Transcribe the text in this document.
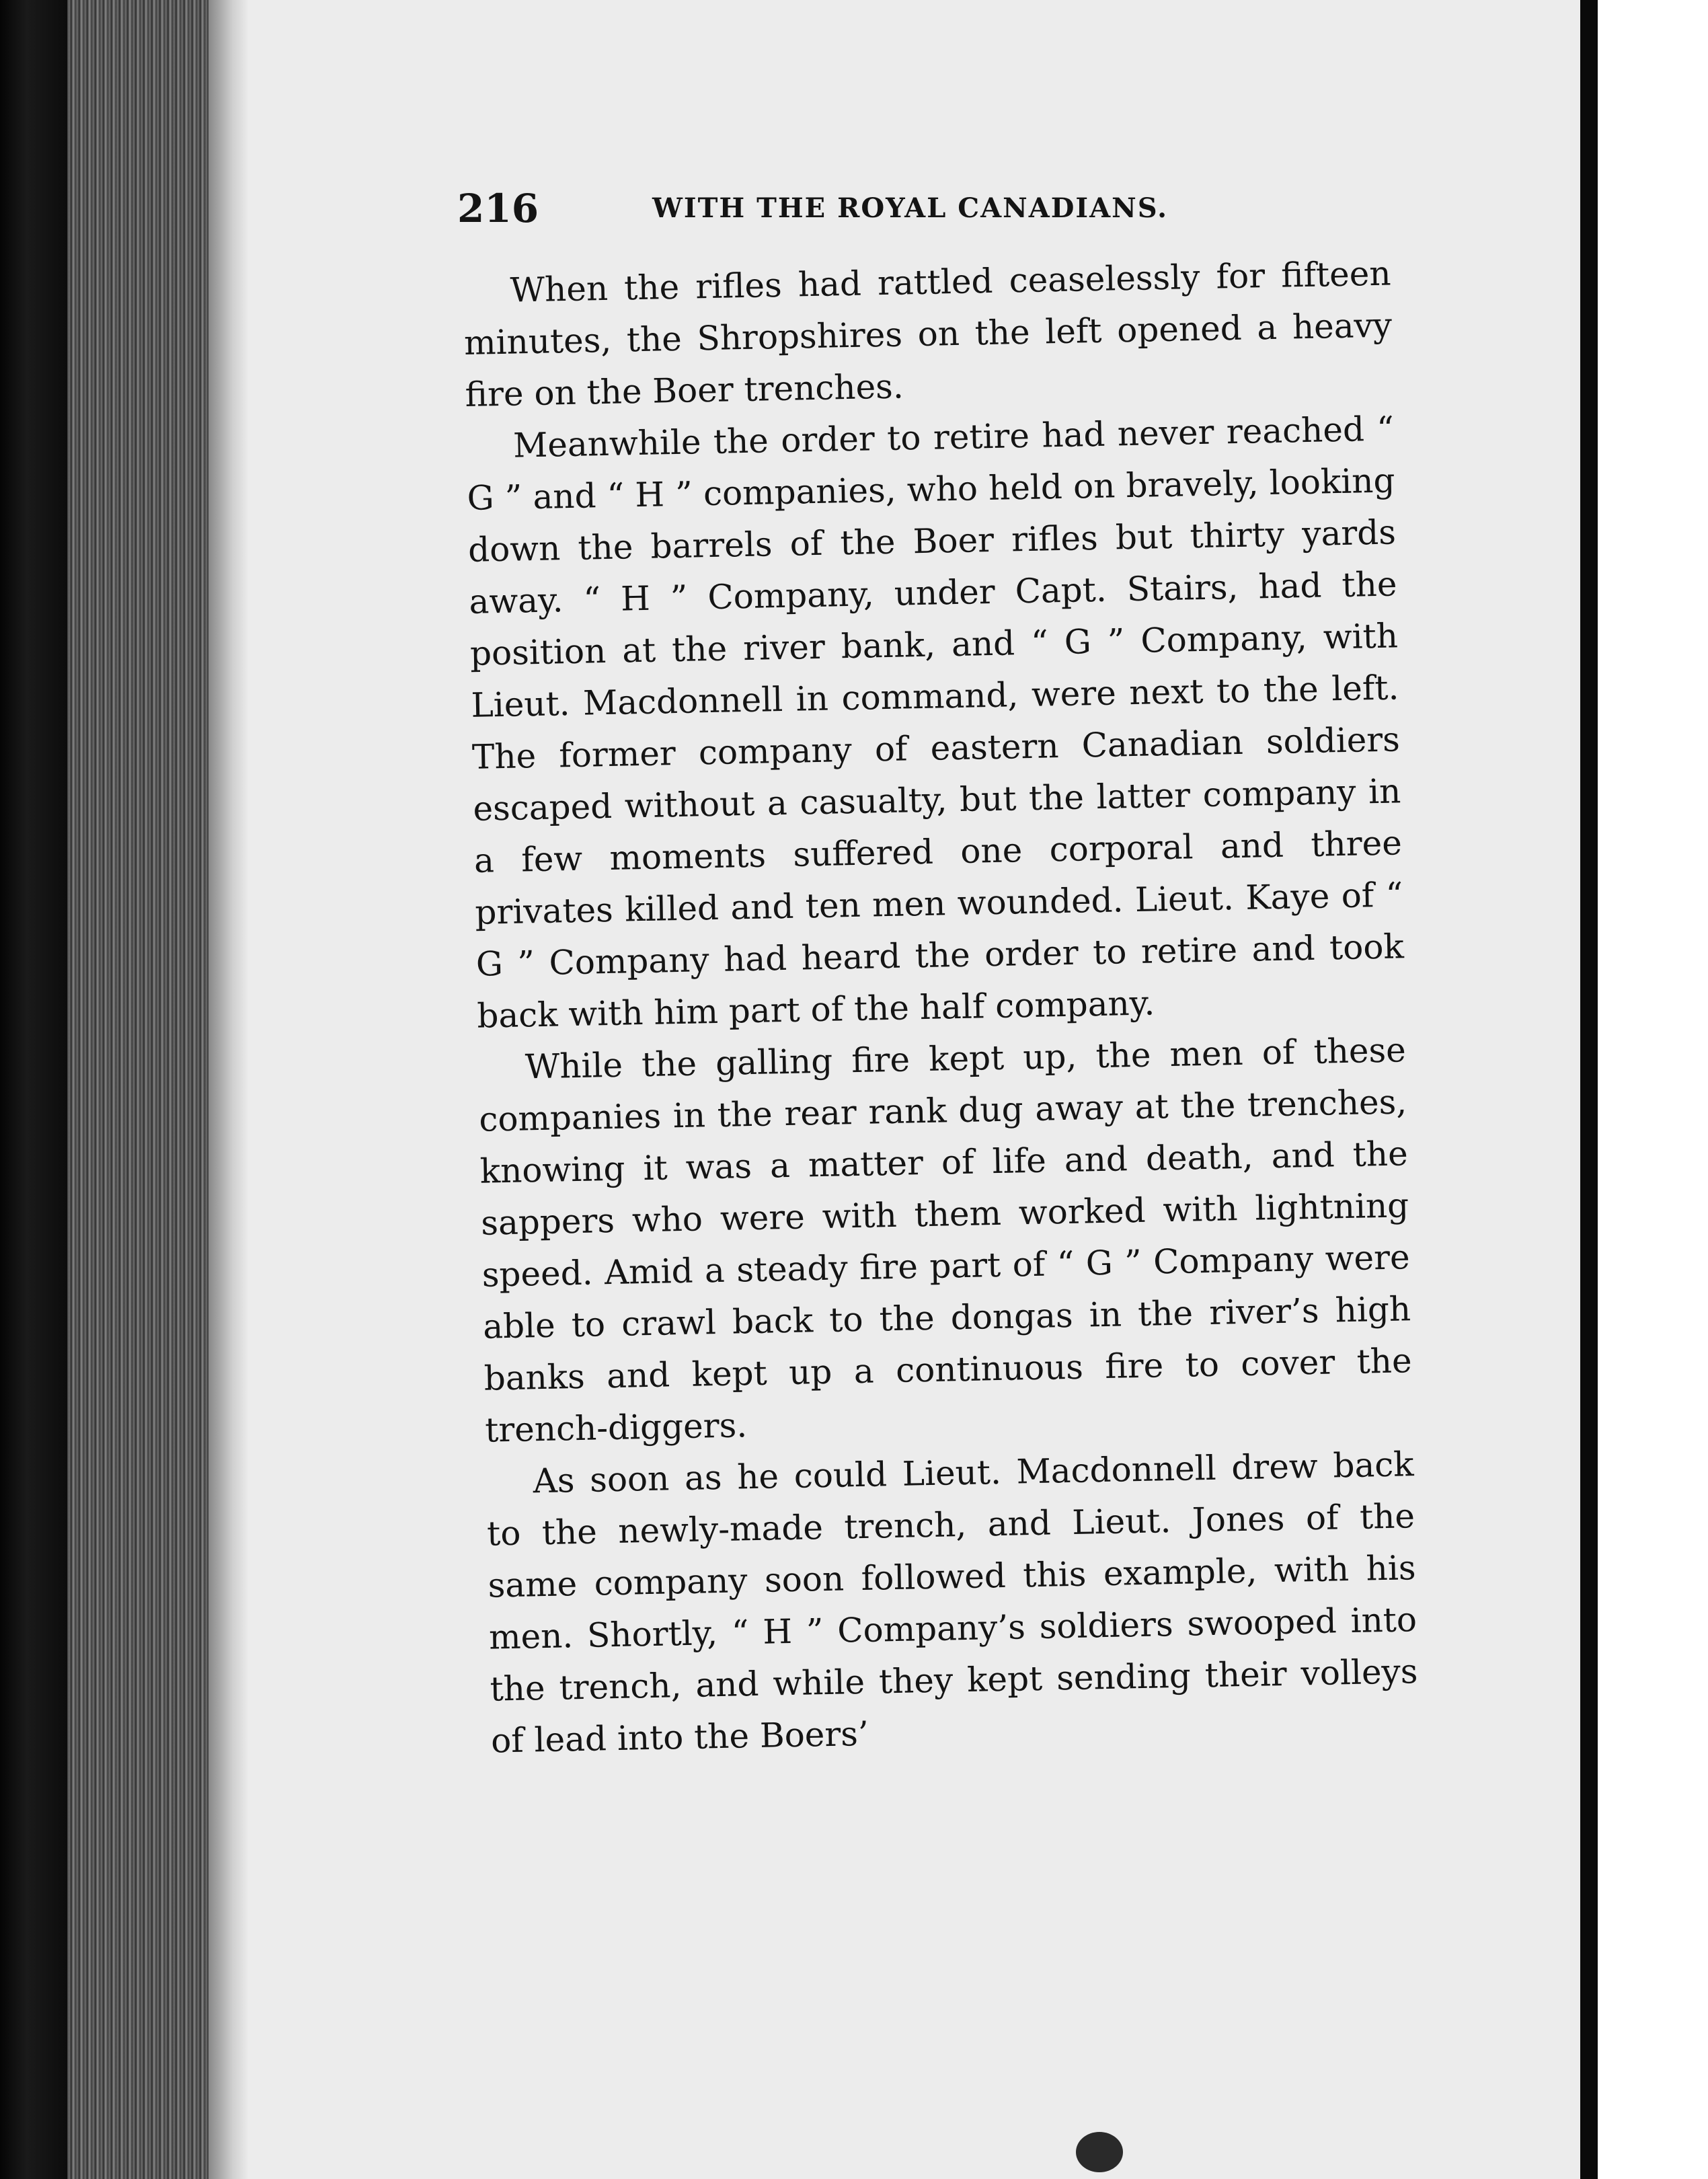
216	WITH THE ROYAL CANADIANS.

When the rifles had rattled ceaselessly for fifteen minutes, the Shropshires on the left opened a heavy fire on the Boer trenches.

Meanwhile the order to retire had never reached “ G ” and “ H ” companies, who held on bravely, looking down the barrels of the Boer rifles but thirty yards away. “ H ” Company, under Capt. Stairs, had the position at the river bank, and “ G ” Company, with Lieut. Macdonnell in command, were next to the left. The former company of eastern Canadian soldiers escaped without a casualty, but the latter company in a few moments suffered one corporal and three privates killed and ten men wounded. Lieut. Kaye of “ G ” Company had heard the order to retire and took back with him part of the half company.

While the galling fire kept up, the men of these companies in the rear rank dug away at the trenches, knowing it was a matter of life and death, and the sappers who were with them worked with lightning speed. Amid a steady fire part of “ G ” Company were able to crawl back to the dongas in the river’s high banks and kept up a continuous fire to cover the trench-diggers.

As soon as he could Lieut. Macdonnell drew back to the newly-made trench, and Lieut. Jones of the same company soon followed this example, with his men. Shortly, “ H ” Company’s soldiers swooped into the trench, and while they kept sending their volleys of lead into the Boers’
